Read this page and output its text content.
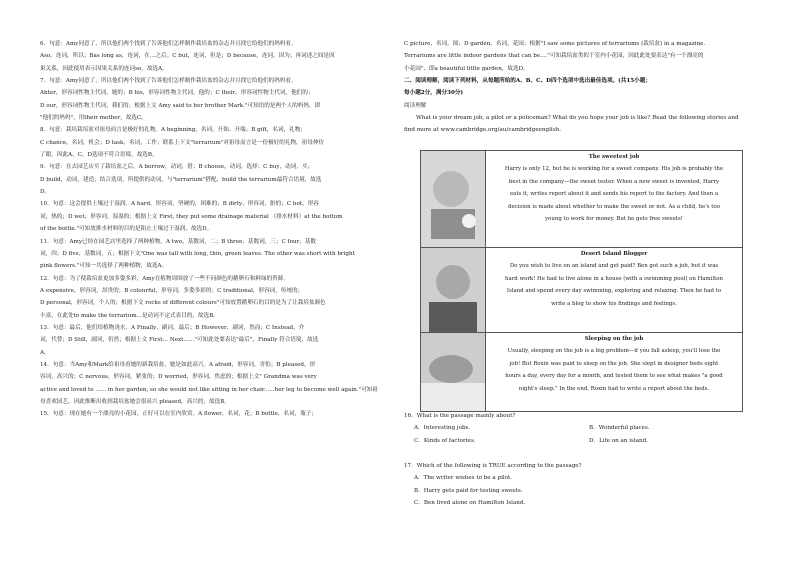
6．句意：Amy同意了，所以他们两个找到了告诉他们怎样制作栽培盆的杂志并且找它给他们的妈妈看。

Aso，连词，所以；Bas long as，连词，在…之后；C but，连词，但是；D because，连词，因为；再词述之间是因

果关系，因此使用表示因果关系的连词so，故选A。

7．句意：Amy同意了，所以他们两个找到了告诉他们怎样制作栽培盆的杂志并且找它给他们的妈妈看。

Ahter，形容词性物主代词，她的；B his，形容词性物主代词，他的；C their，形容词性物主代词，他们的；

D our，形容词性物主代词，我们的；根据上文 Amy said to her brother Mark."可知语的是两个人的妈妈，即

"他们的妈妈"，用their mother，故选C。

8．句意：栽培栽培盆对祖母而言是极好的礼物。A beginning，名词，开始、开端；B gift，名词，礼物；

C chance，名词，机会；D task，名词，工作；联系上下文"terrarium"对祖母而言是一份极好的礼物，祖母伸仿

了眼，因此A、C、D选项不符合语境，故选B。

9．句意：在去园艺店买了栽培盆之后，A borrow，动词，借；B choose，动词，选择；C buy，动词，买；

D build，动词，建造；结合选项，所提供的动词，与"terrarium"搭配，build the terrarium最符合语境，故选

D。

10．句意：这会提供土壤过于湿润。A hard，形容词，坚硬的，困难的；B dirty，形容词，脏的；C hot，形容

词，热的；D wet，形容词，湿湿的；根据上文 First, they put some drainage material （排水材料）at the bottom

of the bottle."可知放排水材料的目的是阻止土壤过于湿润，故选D。

11．句意：Amy已经在园艺店里选择了两种植物。A two，基数词，二；B three，基数词，三；C four，基数

词，四；D five，基数词，五；根据下文"One was tall with long, thin, green leaves. The other was short with bright

pink flowers."可知一共选择了两种植物，故选A。

12．句意：为了使栽培盆更加多姿多彩，Amy在植物周围放了一些不同颜色的鹅卵石和鲜绿的苔藓。

A expensive，形容词，昂贵的；B colourful，形容词，多姿多彩的；C traditional，形容词，传统的；

D personal，形容词，个人的；根据下文 rocks of different colours"可知放置鹅卵石的目的是为了让栽培盆颜色

丰富，在此处to make the terrarium...是动词不定式表目的，故选B。

13．句意：最后，他们给植物浇水。A Finally，副词，最后；B However，副词，然而；C Instead，介

词，代替；D Still，副词，仍然；根据上文 First… Next…..."可知此处要表达"最后"，Finally 符合语境，故选

A。

14．句意：当Amy和Mark给祖母看她的新栽培盆，她是如此高兴。A afraid，形容词，害怕；B pleased，形

容词，高兴的；C nervous，形容词，紧张的；D worried，形容词，焦虑的；根据上文" Grandma was very

active and loved to ...... in her garden, so she would not like sitting in her chair......her leg to become well again."可知祖

母喜欢园艺，因此推断出收到栽培盆她会很高兴 pleased，高兴的，故选B。

15．句意：现在她有一个漂亮的小花园，正好可以在室内欣赏。A flower，名词，花；B bottle，名词，瓶子；

C picture，名词，图；D garden，名词，花园；根据"I saw some pictures of terrariums (栽培盆) in a magazine.

Terrariums are little indoor gardens that can be...."可知栽培盆类似于室内小花园，因此此处要表达"有一个漂亮的

小花园"，即a beautiful little garden，故选D。

二、阅读理解，阅读下列材料，从每题所给的A、B、C、D四个选项中选出最佳选项。(共15小题；

每小题2分，满分30分)

阅读理解

What is your dream job, a pilot or a policeman? What do you hope your job is like? Read the following stories and

find more at www.cambridge.org/au/cambridgeenglish.

The sweetest job

Harry is only 12, but he is working for a sweet company. His job is probably the

best in the company—the sweet tester. When a new sweet is invented, Harry

eats it, writes report about it and sends his report to the factory. And then a

decision is made about whether to make the sweet or not. As a child, he's too

young to work for money. But he gets free sweets!

Desert Island Blogger

Do you wish to live on an island and get paid? Ben got such a job, but it was

hard work! He had to live alone in a house (with a swimming pool) on Hamilton

Island and spend every day swimming, exploring and relaxing. Then he had to

write a blog to show his findings and feelings.

Sleeping on the job

Usually, sleeping on the job is a big problem—if you fall asleep, you'll lose the

job! But Roxin was paid to sleep on the job. She slept in designer beds eight

hours a day, every day for a month, and tested them to see what makes "a good

night's sleep." In the end, Roxin had to write a report about the beds.

16．What is the passage mainly about?

A．Interesting jobs.	B．Wonderful places.
C．Kinds of factories.	D．Life on an island.

17．Which of the following is TRUE according to the passage?

A．The writer wishes to be a pilot.

B．Harry gets paid for testing sweets.

C．Ben lived alone on Hamilton Island.
